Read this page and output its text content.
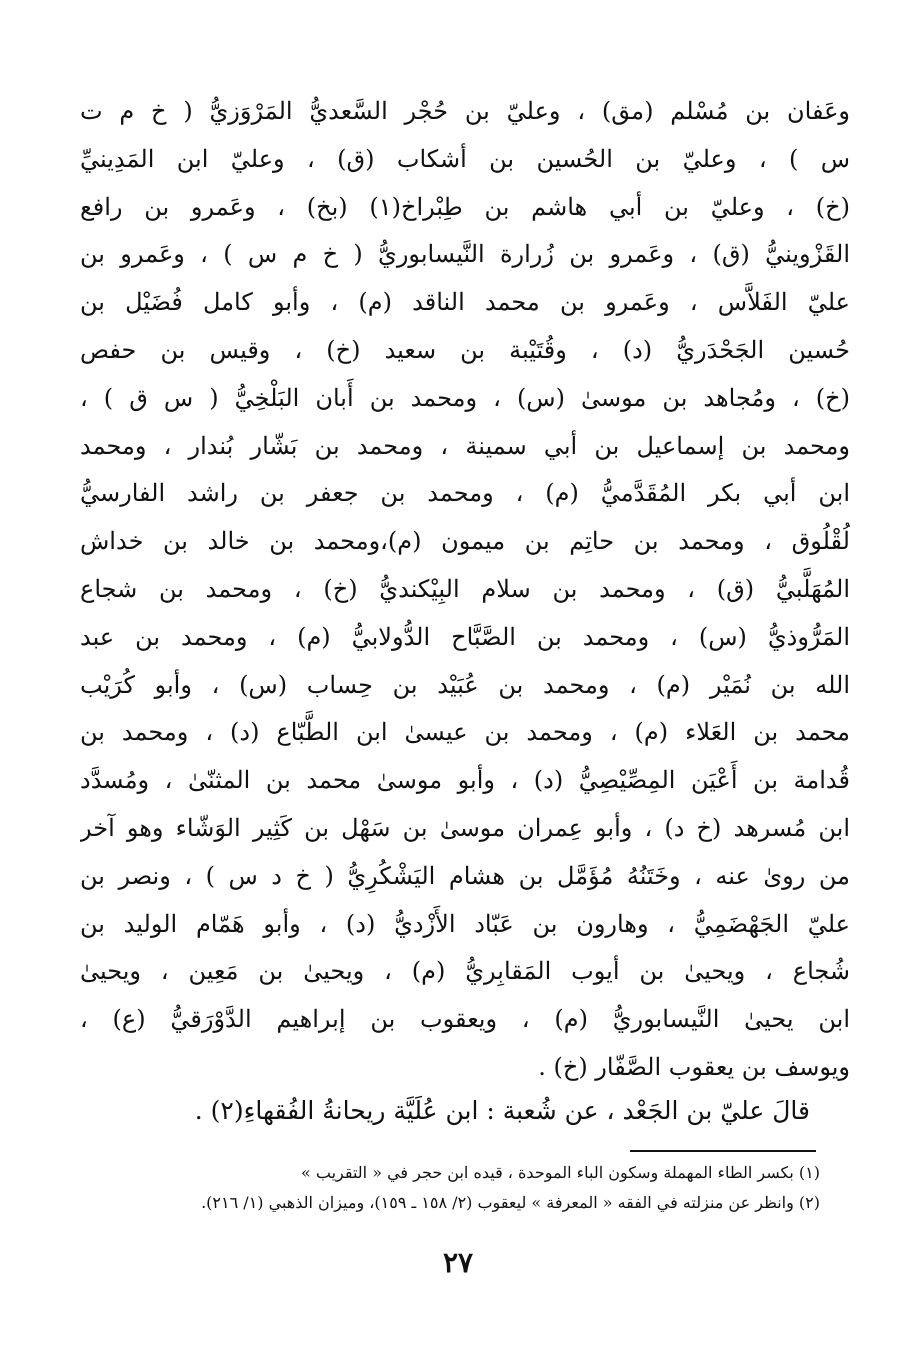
وعَفان بن مُسْلم (مق) ، وعليّ بن حُجْر السَّعديُّ المَرْوَزيُّ ( خ م ت
س ) ، وعليّ بن الحُسين بن أشكاب (ق) ، وعليّ ابن المَدِينيِّ
(خ) ، وعليّ بن أبي هاشم بن طِبْراخ(١) (بخ) ، وعَمرو بن رافع
القَزْوينيُّ (ق) ، وعَمرو بن زُرارة النَّيسابوريُّ ( خ م س ) ، وعَمرو بن
عليّ الفَلاَّس ، وعَمرو بن محمد الناقد (م) ، وأبو كامل فُضَيْل بن
حُسين الجَحْدَريُّ (د) ، وقُتَيْبة بن سعيد (خ) ، وقيس بن حفص
(خ) ، ومُجاهد بن موسىٰ (س) ، ومحمد بن أَبان البَلْخِيُّ ( س ق ) ،
ومحمد بن إسماعيل بن أبي سمينة ، ومحمد بن بَشّار بُندار ، ومحمد
ابن أبي بكر المُقَدَّميُّ (م) ، ومحمد بن جعفر بن راشد الفارسيُّ
لُقْلُوق ، ومحمد بن حاتِم بن ميمون (م)،ومحمد بن خالد بن خداش
المُهَلَّبيُّ (ق) ، ومحمد بن سلام البِيْكنديُّ (خ) ، ومحمد بن شجاع
المَرُّوذيُّ (س) ، ومحمد بن الصَّبَّاح الدُّولابيُّ (م) ، ومحمد بن عبد
الله بن نُمَيْر (م) ، ومحمد بن عُبَيْد بن حِساب (س) ، وأبو كُرَيْب
محمد بن العَلاء (م) ، ومحمد بن عيسىٰ ابن الطَّبّاع (د) ، ومحمد بن
قُدامة بن أَعْيَن المِصِّيْصِيُّ (د) ، وأبو موسىٰ محمد بن المثنّىٰ ، ومُسدَّد
ابن مُسرهد (خ د) ، وأبو عِمران موسىٰ بن سَهْل بن كَثِير الوَشّاء وهو آخر
من روىٰ عنه ، وخَتَنُهُ مُؤَمَّل بن هشام اليَشْكُرِيُّ ( خ د س ) ، ونصر بن
عليّ الجَهْضَمِيُّ ، وهارون بن عَبّاد الأَزْديُّ (د) ، وأبو هَمّام الوليد بن
شُجاع ، ويحيىٰ بن أيوب المَقابِريُّ (م) ، ويحيىٰ بن مَعِين ، ويحيىٰ
ابن يحيىٰ النَّيسابوريُّ (م) ، ويعقوب بن إبراهيم الدَّوْرَقيُّ (ع) ،
ويوسف بن يعقوب الصَّفّار (خ) .
قالَ عليّ بن الجَعْد ، عن شُعبة : ابن عُلَيَّة ريحانةُ الفُقهاءِ(٢) .
(١) بكسر الطاء المهملة وسكون الباء الموحدة ، قيده ابن حجر في « التقريب »
(٢) وانظر عن منزلته في الفقه « المعرفة » ليعقوب (٢/ ١٥٨ ـ ١٥٩)، وميزان الذهبي (١/ ٢١٦).
٢٧
